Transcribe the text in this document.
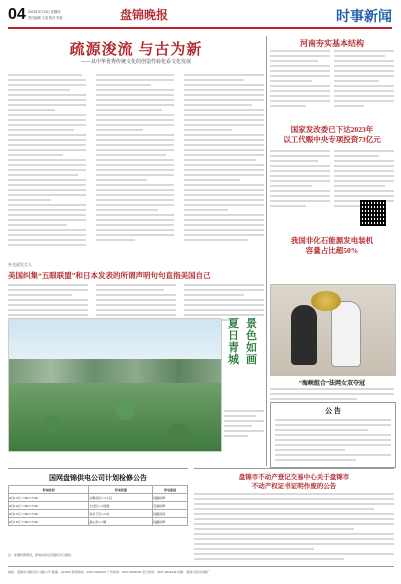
04 2023年4月13日 星期四
责任编辑 王某 校对 李某	盘锦晚报	时事新闻
疏源浚流 与古为新
——从中华优秀传统文化的创造性转化看文化发展
河南夯实基本结构
国家发改委已下达2023年
以工代赈中央专项投资73亿元
我国非化石能源发电装机
容量占比超50%
外交部发言人
美国纠集“五眼联盟”和日本发表的所谓声明句句直指美国自己
夏日青城
景色如画
“海峡组合”法网女双夺冠
公 告
国网盘锦供电公司计划检修公告
停电时间	停电范围	停电原因
4月13日 7:00-17:00	兴隆台区××小区	线路检修
4月14日 7:00-17:00	大洼区××街道	设备检修
4月15日 7:00-17:00	双台子区××村	线路改造
4月16日 7:00-17:00	盘山县××镇	线路检修
注：如遇特殊情况，停电时间及范围将另行通知。
盘锦市不动产登记交易中心关于盘锦市
不动产权证书证明作废的公告
地址：盘锦市兴隆台区××路××号 邮编：124010 新闻热线：0427-2822222 广告热线：0427-2823333 发行热线：0427-2824444 印刷：盘锦日报社印刷厂
